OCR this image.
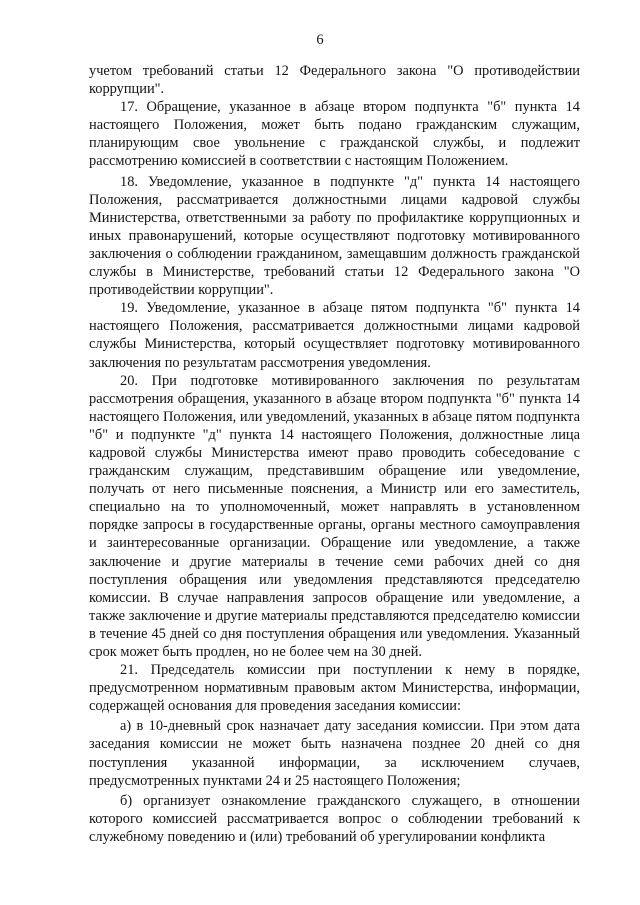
6

учетом требований статьи 12 Федерального закона "О противодействии коррупции".

17. Обращение, указанное в абзаце втором подпункта "б" пункта 14 настоящего Положения, может быть подано гражданским служащим, планирующим свое увольнение с гражданской службы, и подлежит рассмотрению комиссией в соответствии с настоящим Положением.

18. Уведомление, указанное в подпункте "д" пункта 14 настоящего Положения, рассматривается должностными лицами кадровой службы Министерства, ответственными за работу по профилактике коррупционных и иных правонарушений, которые осуществляют подготовку мотивированного заключения о соблюдении гражданином, замещавшим должность гражданской службы в Министерстве, требований статьи 12 Федерального закона "О противодействии коррупции".

19. Уведомление, указанное в абзаце пятом подпункта "б" пункта 14 настоящего Положения, рассматривается должностными лицами кадровой службы Министерства, который осуществляет подготовку мотивированного заключения по результатам рассмотрения уведомления.

20. При подготовке мотивированного заключения по результатам рассмотрения обращения, указанного в абзаце втором подпункта "б" пункта 14 настоящего Положения, или уведомлений, указанных в абзаце пятом подпункта "б" и подпункте "д" пункта 14 настоящего Положения, должностные лица кадровой службы Министерства имеют право проводить собеседование с гражданским служащим, представившим обращение или уведомление, получать от него письменные пояснения, а Министр или его заместитель, специально на то уполномоченный, может направлять в установленном порядке запросы в государственные органы, органы местного самоуправления и заинтересованные организации. Обращение или уведомление, а также заключение и другие материалы в течение семи рабочих дней со дня поступления обращения или уведомления представляются председателю комиссии. В случае направления запросов обращение или уведомление, а также заключение и другие материалы представляются председателю комиссии в течение 45 дней со дня поступления обращения или уведомления. Указанный срок может быть продлен, но не более чем на 30 дней.

21. Председатель комиссии при поступлении к нему в порядке, предусмотренном нормативным правовым актом Министерства, информации, содержащей основания для проведения заседания комиссии:

а) в 10-дневный срок назначает дату заседания комиссии. При этом дата заседания комиссии не может быть назначена позднее 20 дней со дня поступления указанной информации, за исключением случаев, предусмотренных пунктами 24 и 25 настоящего Положения;

б) организует ознакомление гражданского служащего, в отношении которого комиссией рассматривается вопрос о соблюдении требований к служебному поведению и (или) требований об урегулировании конфликта
